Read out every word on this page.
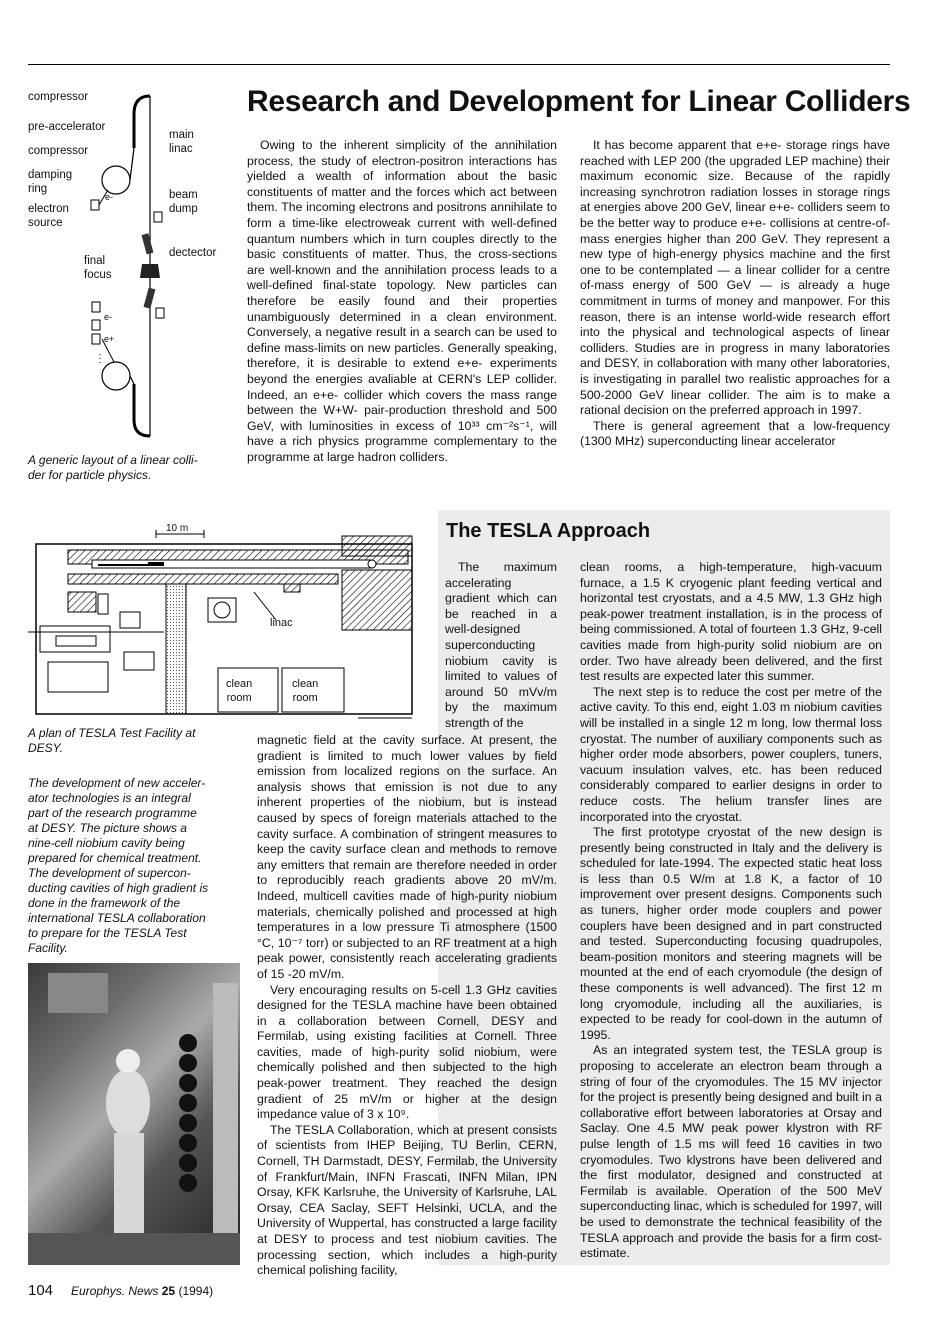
Research and Development for Linear Colliders
compressor
pre-accelerator
compressor
damping
ring
electron
source
final
focus
main
linac
beam
dump
dectector
e-
e-
e+
A generic layout of a linear colli-
der for particle physics.

Owing to the inherent simplicity of the annihilation process, the study of electron-positron interactions has yielded a wealth of information about the basic constituents of matter and the forces which act between them. The incoming electrons and positrons annihilate to form a time-like electroweak current with well-defined quantum numbers which in turn couples directly to the basic constituents of matter. Thus, the cross-sections are well-known and the annihilation process leads to a well-defined final-state topology. New particles can therefore be easily found and their properties unambiguously determined in a clean environment. Conversely, a negative result in a search can be used to define mass-limits on new particles. Generally speaking, therefore, it is desirable to extend e+e- experiments beyond the energies avaliable at CERN's LEP collider. Indeed, an e+e- collider which covers the mass range between the W+W- pair-production threshold and 500 GeV, with luminosities in excess of 10³³ cm⁻²s⁻¹, will have a rich physics programme complementary to the programme at large hadron colliders.

It has become apparent that e+e- storage rings have reached with LEP 200 (the upgraded LEP machine) their maximum economic size. Because of the rapidly increasing synchrotron radiation losses in storage rings at energies above 200 GeV, linear e+e- colliders seem to be the better way to produce e+e- collisions at centre-of-mass energies higher than 200 GeV. They represent a new type of high-energy physics machine and the first one to be contemplated — a linear collider for a centre of-mass energy of 500 GeV — is already a huge commitment in turms of money and manpower. For this reason, there is an intense world-wide research effort into the physical and technological aspects of linear colliders. Studies are in progress in many laboratories and DESY, in collaboration with many other laboratories, is investigating in parallel two realistic approaches for a 500-2000 GeV linear collider. The aim is to make a rational decision on the preferred approach in 1997.

There is general agreement that a low-frequency (1300 MHz) superconducting linear accelerator

10 m
linac
clean
room
clean
room
A plan of TESLA Test Facility at
DESY.
The development of new acceler-
ator technologies is an integral
part of the research programme
at DESY. The picture shows a
nine-cell niobium cavity being
prepared for chemical treatment.
The development of supercon-
ducting cavities of high gradient is
done in the framework of the
international TESLA collaboration
to prepare for the TESLA Test
Facility.
The TESLA Approach

The maximum accelerating gradient which can be reached in a well-designed superconducting niobium cavity is limited to values of around 50 mVv/m by the maximum strength of the

magnetic field at the cavity surface. At present, the gradient is limited to much lower values by field emission from localized regions on the surface. An analysis shows that emission is not due to any inherent properties of the niobium, but is instead caused by specs of foreign materials attached to the cavity surface. A combination of stringent measures to keep the cavity surface clean and methods to remove any emitters that remain are therefore needed in order to reproducibly reach gradients above 20 mV/m. Indeed, multicell cavities made of high-purity niobium materials, chemically polished and processed at high temperatures in a low pressure Ti atmosphere (1500 °C, 10⁻⁷ torr) or subjected to an RF treatment at a high peak power, consistently reach accelerating gradients of 15 -20 mV/m.

Very encouraging results on 5-cell 1.3 GHz cavities designed for the TESLA machine have been obtained in a collaboration between Cornell, DESY and Fermilab, using existing facilities at Cornell. Three cavities, made of high-purity solid niobium, were chemically polished and then subjected to the high peak-power treatment. They reached the design gradient of 25 mV/m or higher at the design impedance value of 3 x 10⁹.

The TESLA Collaboration, which at present consists of scientists from IHEP Beijing, TU Berlin, CERN, Cornell, TH Darmstadt, DESY, Fermilab, the University of Frankfurt/Main, INFN Frascati, INFN Milan, IPN Orsay, KFK Karlsruhe, the University of Karlsruhe, LAL Orsay, CEA Saclay, SEFT Helsinki, UCLA, and the University of Wuppertal, has constructed a large facility at DESY to process and test niobium cavities. The processing section, which includes a high-purity chemical polishing facility,

clean rooms, a high-temperature, high-vacuum furnace, a 1.5 K cryogenic plant feeding vertical and horizontal test cryostats, and a 4.5 MW, 1.3 GHz high peak-power treatment installation, is in the process of being commissioned. A total of fourteen 1.3 GHz, 9-cell cavities made from high-purity solid niobium are on order. Two have already been delivered, and the first test results are expected later this summer.

The next step is to reduce the cost per metre of the active cavity. To this end, eight 1.03 m niobium cavities will be installed in a single 12 m long, low thermal loss cryostat. The number of auxiliary components such as higher order mode absorbers, power couplers, tuners, vacuum insulation valves, etc. has been reduced considerably compared to earlier designs in order to reduce costs. The helium transfer lines are incorporated into the cryostat.

The first prototype cryostat of the new design is presently being constructed in Italy and the delivery is scheduled for late-1994. The expected static heat loss is less than 0.5 W/m at 1.8 K, a factor of 10 improvement over present designs. Components such as tuners, higher order mode couplers and power couplers have been designed and in part constructed and tested. Superconducting focusing quadrupoles, beam-position monitors and steering magnets will be mounted at the end of each cryomodule (the design of these components is well advanced). The first 12 m long cryomodule, including all the auxiliaries, is expected to be ready for cool-down in the autumn of 1995.

As an integrated system test, the TESLA group is proposing to accelerate an electron beam through a string of four of the cryomodules. The 15 MV injector for the project is presently being designed and built in a collaborative effort between laboratories at Orsay and Saclay. One 4.5 MW peak power klystron with RF pulse length of 1.5 ms will feed 16 cavities in two cryomodules. Two klystrons have been delivered and the first modulator, designed and constructed at Fermilab is available. Operation of the 500 MeV superconducting linac, which is scheduled for 1997, will be used to demonstrate the technical feasibility of the TESLA approach and provide the basis for a firm cost-estimate.

104 Europhys. News 25 (1994)
